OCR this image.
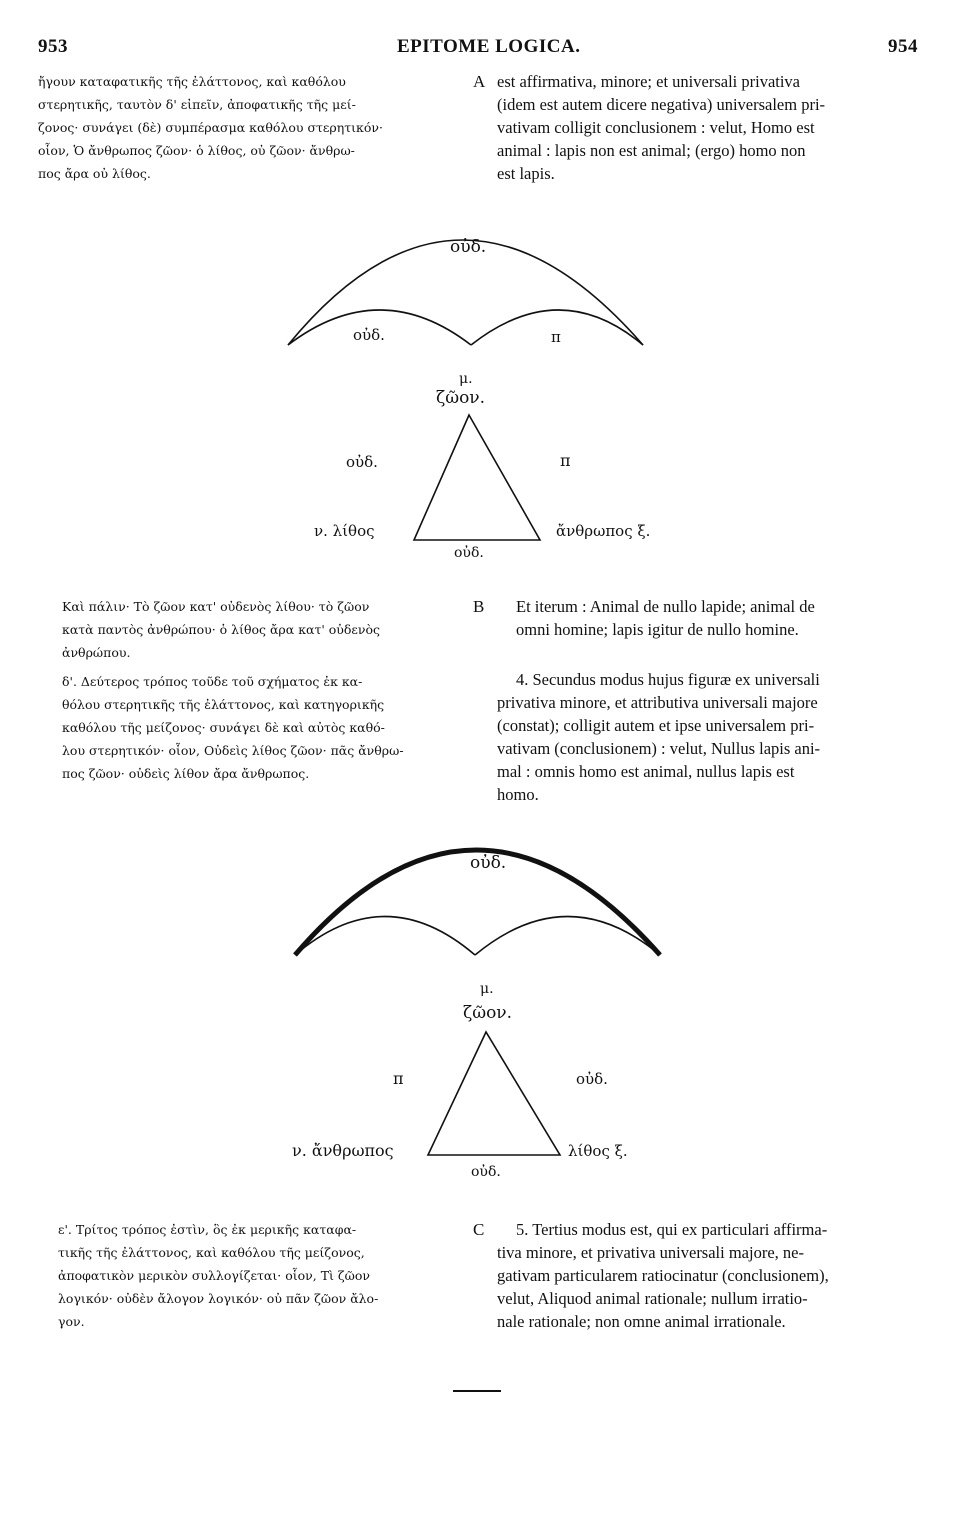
953	EPITOME LOGICA.	954
ἤγουν καταφατικῆς τῆς ἐλάττονος, καὶ καθόλου
στερητικῆς, ταυτὸν δ' εἰπεῖν, ἀποφατικῆς τῆς μεί-
ζονος· συνάγει (δὲ) συμπέρασμα καθόλου στερητικόν·
οἷον, Ὁ ἄνθρωπος ζῶον· ὁ λίθος, οὐ ζῶον· ἄνθρω-
πος ἄρα οὐ λίθος.
A est affirmativa, minore; et universali privativa
(idem est autem dicere negativa) universalem pri-
vativam colligit conclusionem : velut, Homo est
animal : lapis non est animal; (ergo) homo non
est lapis.
οὐδ.
οὐδ.	π
μ.
ζῶον.
οὐδ.	π
ν. λίθος	ἄνθρωπος ξ.
οὐδ.
οὐδ.
μ.
ζῶον.
π	οὐδ.
ν. ἄνθρωπος	λίθος ξ.
οὐδ.
Καὶ πάλιν· Τὸ ζῶον κατ' οὐδενὸς λίθου· τὸ ζῶον
κατὰ παντὸς ἀνθρώπου· ὁ λίθος ἄρα κατ' οὐδενὸς
ἀνθρώπου.
B Et iterum : Animal de nullo lapide; animal de
omni homine; lapis igitur de nullo homine.
δ'. Δεύτερος τρόπος τοῦδε τοῦ σχήματος ἐκ κα-
θόλου στερητικῆς τῆς ἐλάττονος, καὶ κατηγορικῆς
καθόλου τῆς μείζονος· συνάγει δὲ καὶ αὐτὸς καθό-
λου στερητικόν· οἷον, Οὐδεὶς λίθος ζῶον· πᾶς ἄνθρω-
πος ζῶον· οὐδεὶς λίθον ἄρα ἄνθρωπος.
4. Secundus modus hujus figuræ ex universali
privativa minore, et attributiva universali majore
(constat); colligit autem et ipse universalem pri-
vativam (conclusionem) : velut, Nullus lapis ani-
mal : omnis homo est animal, nullus lapis est
homo.
ε'. Τρίτος τρόπος ἐστὶν, ὃς ἐκ μερικῆς καταφα-
τικῆς τῆς ἐλάττονος, καὶ καθόλου τῆς μείζονος,
ἀποφατικὸν μερικὸν συλλογίζεται· οἷον, Τὶ ζῶον
λογικόν· οὐδὲν ἄλογον λογικόν· οὐ πᾶν ζῶον ἄλο-
γον.
C	5. Tertius modus est, qui ex particulari affirma-
tiva minore, et privativa universali majore, ne-
gativam particularem ratiocinatur (conclusionem),
velut, Aliquod animal rationale; nullum irratio-
nale rationale; non omne animal irrationale.
